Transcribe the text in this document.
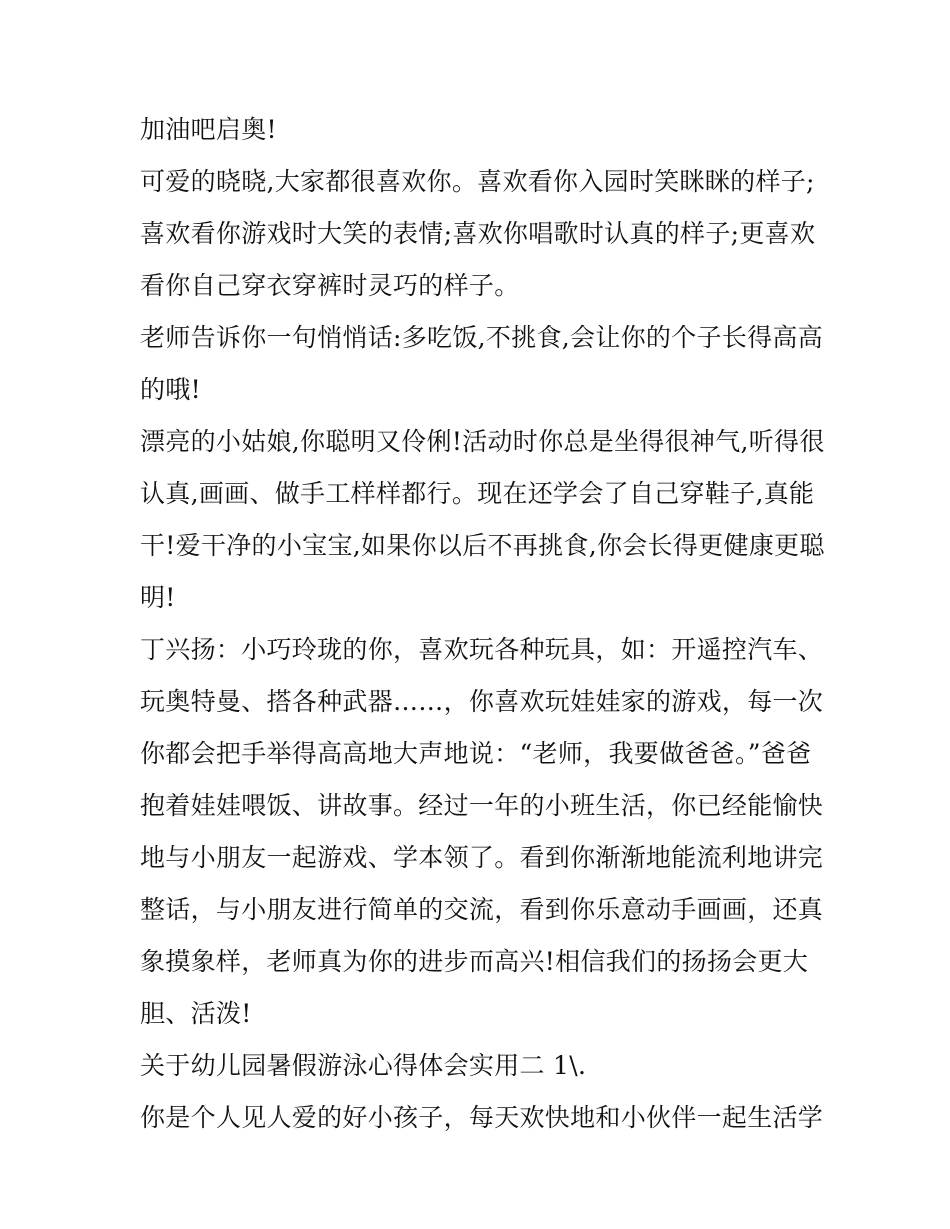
加油吧启奥!
可爱的晓晓,大家都很喜欢你。喜欢看你入园时笑眯眯的样子;
喜欢看你游戏时大笑的表情;喜欢你唱歌时认真的样子;更喜欢
看你自己穿衣穿裤时灵巧的样子。
老师告诉你一句悄悄话:多吃饭,不挑食,会让你的个子长得高高
的哦!
漂亮的小姑娘,你聪明又伶俐!活动时你总是坐得很神气,听得很
认真,画画、做手工样样都行。现在还学会了自己穿鞋子,真能
干!爱干净的小宝宝,如果你以后不再挑食,你会长得更健康更聪
明!
丁兴扬：小巧玲珑的你，喜欢玩各种玩具，如：开遥控汽车、
玩奥特曼、搭各种武器……，你喜欢玩娃娃家的游戏，每一次
你都会把手举得高高地大声地说：“老师，我要做爸爸。”爸爸
抱着娃娃喂饭、讲故事。经过一年的小班生活，你已经能愉快
地与小朋友一起游戏、学本领了。看到你渐渐地能流利地讲完
整话，与小朋友进行简单的交流，看到你乐意动手画画，还真
象摸象样，老师真为你的进步而高兴!相信我们的扬扬会更大
胆、活泼!
关于幼儿园暑假游泳心得体会实用二 1\.
你是个人见人爱的好小孩子，每天欢快地和小伙伴一起生活学
